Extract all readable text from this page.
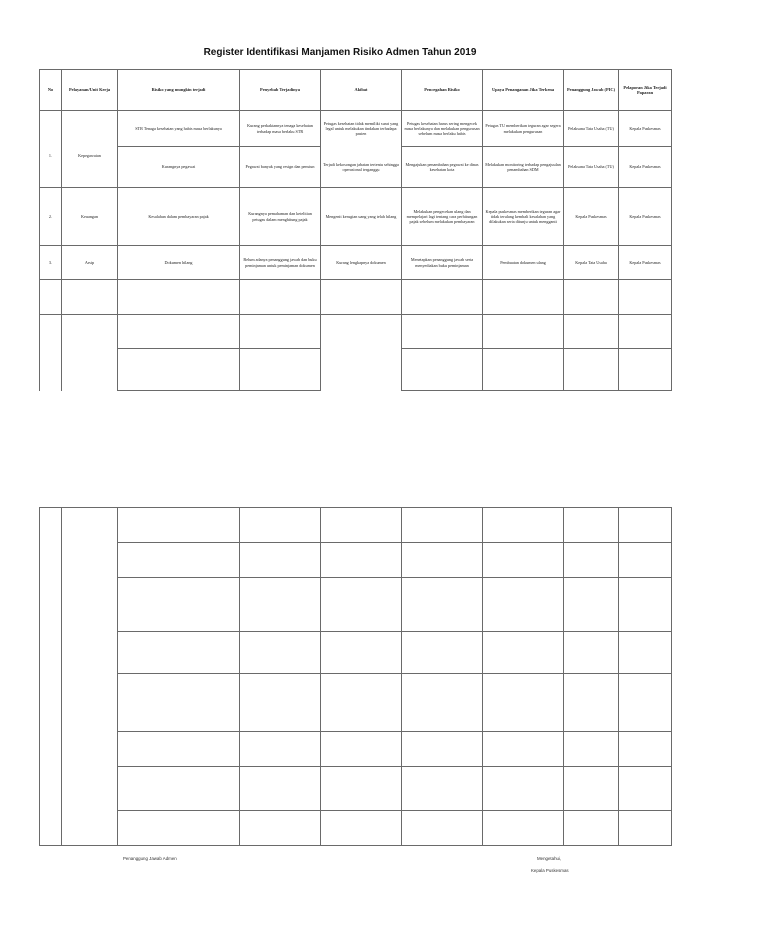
Register Identifikasi Manjamen Risiko Admen Tahun 2019
No	Pelayanan/Unit Kerja	Risiko yang mungkin terjadi	Penyebab Terjadinya	Akibat	Pencegahan Risiko	Upaya Penanganan Jika Terkena	Penanggung Jawab (PIC)	Pelaporan Jika Terjadi Paparan
		STR Tenaga kesehatan yang habis masa berlakunya	Kurang perkaktannya tenaga kesehatan terhadap masa berlaku STR	Petugas kesehatan tidak memiliki surat yang legal untuk melakukan tindakan terhadapa pasien	Petugas kesehatan harus sering mengecek masa berlakunya dan melakukan pengurusan sebelum masa berlaku habis	Petugas TU memberikan teguran agar segera melakukan pengurusan	Pelaksana Tata Usaha (TU)	Kepala Puskesmas
1.	Kepegawaian	Kurangnya pegawai	Pegawai banyak yang resign dan pensiun	Terjadi kekosongan jabatan tertentu sehingga operasional terganggu	Mengajukan penambahan pegawai ke dinas kesehatan kota	Melakukan monitoring terhadap pengajuulan penambahan SDM	Pelaksana Tata Usaha (TU)	Kepala Puskesmas
2.	Keuangan	Kesalahan dalam pembayaran pajak	Kurangnya pemahaman dan ketelitian petugas dalam menghitung pajak	Mengenit kerugian uang yang telah hilang	Melakukan pengecekan ulang dan mempelajari lagi tentang cara perhitungan pajak sebelum melakukan pembayaran	Kepala puskesmas memberikan teguran agar tidak terulang kembali kesalahan yang dilakukan serta ditunju untuk mengganti	Kepala Puskesmas	Kepala Puskesmas
3.	Arsip	Dokumen hilang	Belum adanya penanggung jawab dan buku peminjaman untuk peminjaman dokumen	Kurang lengkapnya dokumen	Menetapkan penanggung jawab serta menyediakan buku peminjaman	Pembuatan dokumen ulang	Kepala Tata Usaha	Kepala Puskesmas

Penanggung Jawab Admen	Mengetahui,
Kepala Puskesmas
